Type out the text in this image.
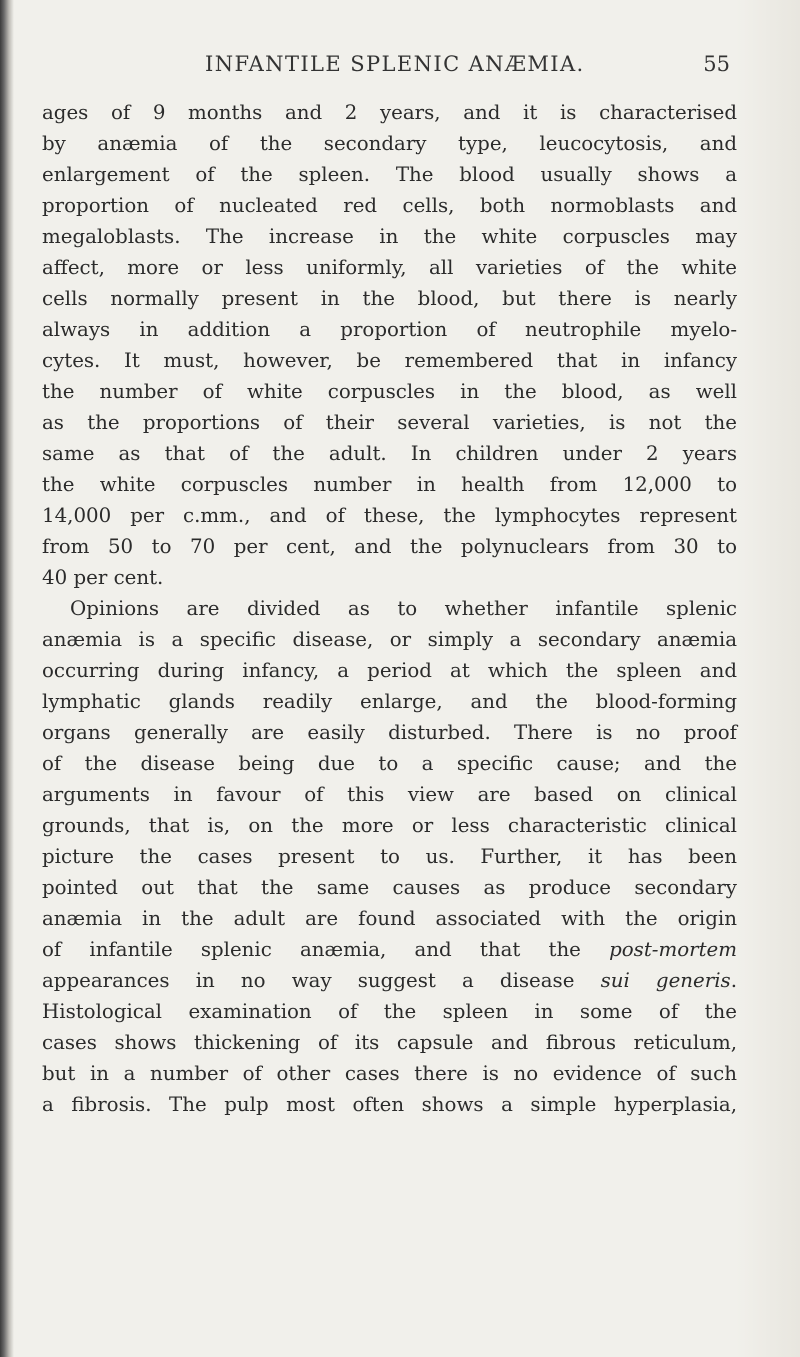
INFANTILE SPLENIC ANÆMIA.	55
ages of 9 months and 2 years, and it is characterised
by anæmia of the secondary type, leucocytosis, and
enlargement of the spleen. The blood usually shows a
proportion of nucleated red cells, both normoblasts and
megaloblasts. The increase in the white corpuscles may
affect, more or less uniformly, all varieties of the white
cells normally present in the blood, but there is nearly
always in addition a proportion of neutrophile myelo-
cytes. It must, however, be remembered that in infancy
the number of white corpuscles in the blood, as well
as the proportions of their several varieties, is not the
same as that of the adult. In children under 2 years
the white corpuscles number in health from 12,000 to
14,000 per c.mm., and of these, the lymphocytes represent
from 50 to 70 per cent, and the polynuclears from 30 to
40 per cent.
Opinions are divided as to whether infantile splenic
anæmia is a specific disease, or simply a secondary anæmia
occurring during infancy, a period at which the spleen and
lymphatic glands readily enlarge, and the blood-forming
organs generally are easily disturbed. There is no proof
of the disease being due to a specific cause; and the
arguments in favour of this view are based on clinical
grounds, that is, on the more or less characteristic clinical
picture the cases present to us. Further, it has been
pointed out that the same causes as produce secondary
anæmia in the adult are found associated with the origin
of infantile splenic anæmia, and that the post-mortem
appearances in no way suggest a disease sui generis.
Histological examination of the spleen in some of the
cases shows thickening of its capsule and fibrous reticulum,
but in a number of other cases there is no evidence of such
a fibrosis. The pulp most often shows a simple hyperplasia,
